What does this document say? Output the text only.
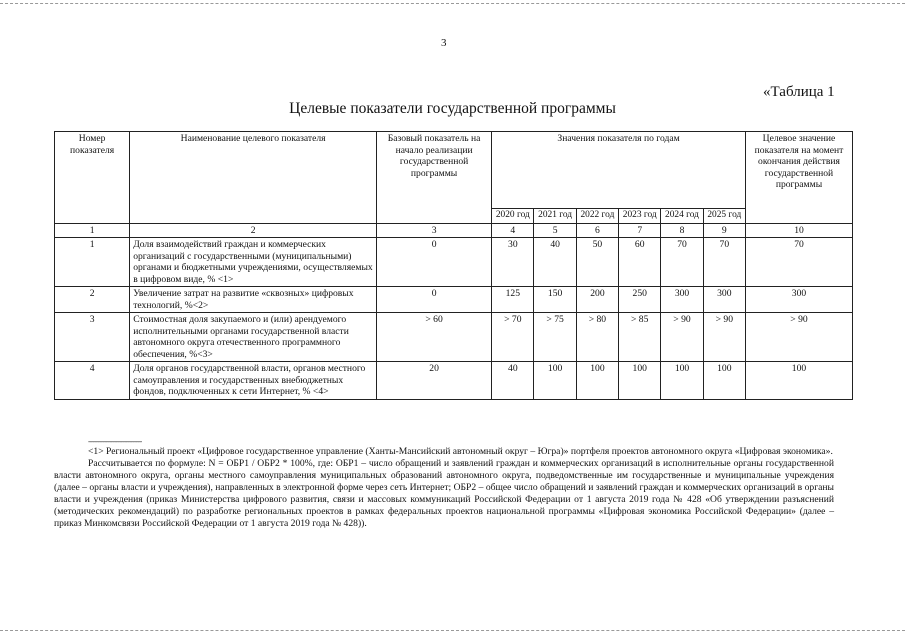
3
«Таблица 1
Целевые показатели государственной программы
Номер показателя	Наименование целевого показателя	Базовый показатель на начало реализации государственной программы	Значения показателя по годам						Целевое значение показателя на момент окончания действия государственной программы
			2020 год	2021 год	2022 год	2023 год	2024 год	2025 год	
1	2	3	4	5	6	7	8	9	10
1	Доля взаимодействий граждан и коммерческих организаций с государственными (муниципальными) органами и бюджетными учреждениями, осуществляемых в цифровом виде, % <1>	0	30	40	50	60	70	70	70
2	Увеличение затрат на развитие «сквозных» цифровых технологий, %<2>	0	125	150	200	250	300	300	300
3	Стоимостная доля закупаемого и (или) арендуемого исполнительными органами государственной власти автономного округа отечественного программного обеспечения, %<3>	> 60	> 70	> 75	> 80	> 85	> 90	> 90	> 90
4	Доля органов государственной власти, органов местного самоуправления и государственных внебюджетных фондов, подключенных к сети Интернет, % <4>	20	40	100	100	100	100	100	100
--------------------------------

<1> Региональный проект «Цифровое государственное управление (Ханты-Мансийский автономный округ – Югра)» портфеля проектов автономного округа «Цифровая экономика».

Рассчитывается по формуле: N = ОБР1 / ОБР2 * 100%, где: ОБР1 – число обращений и заявлений граждан и коммерческих организаций в исполнительные органы государственной власти автономного округа, органы местного самоуправления муниципальных образований автономного округа, подведомственные им государственные и муниципальные учреждения (далее – органы власти и учреждения), направленных в электронной форме через сеть Интернет; ОБР2 – общее число обращений и заявлений граждан и коммерческих организаций в органы власти и учреждения (приказ Министерства цифрового развития, связи и массовых коммуникаций Российской Федерации от 1 августа 2019 года № 428 «Об утверждении разъяснений (методических рекомендаций) по разработке региональных проектов в рамках федеральных проектов национальной программы «Цифровая экономика Российской Федерации» (далее – приказ Минкомсвязи Российской Федерации от 1 августа 2019 года № 428)).
